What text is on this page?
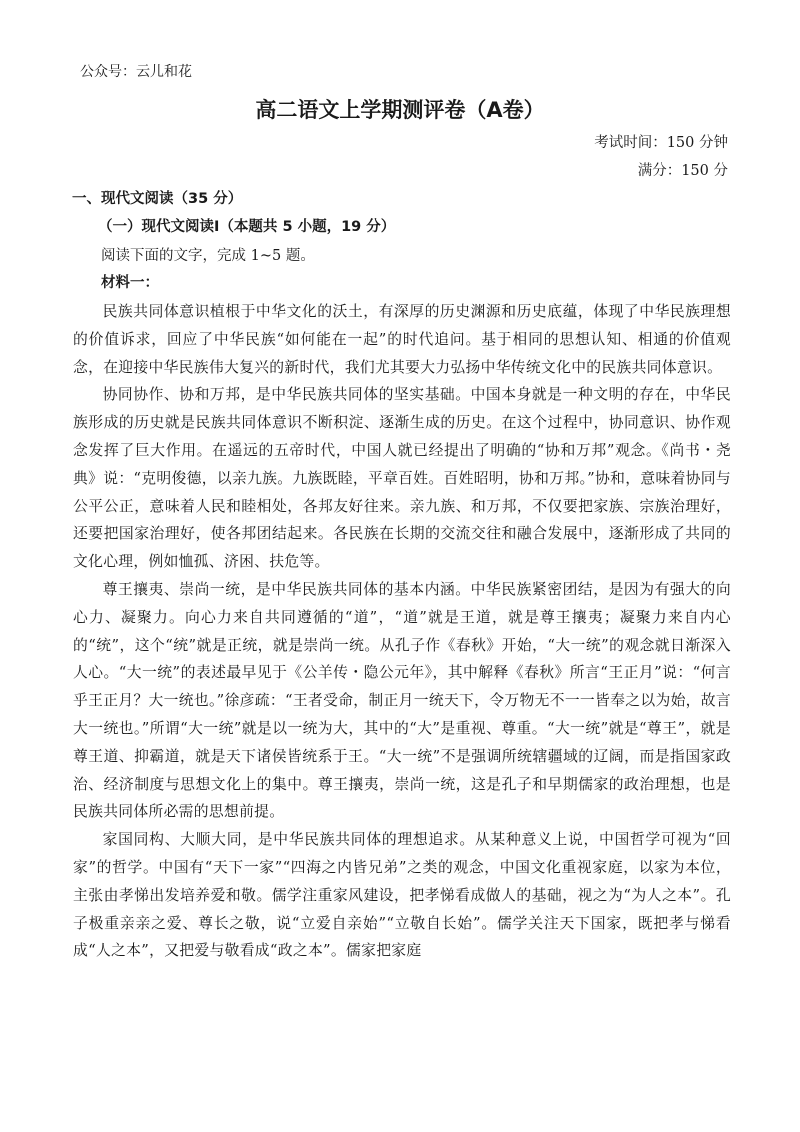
公众号：云儿和花
高二语文上学期测评卷（A卷）
考试时间：150 分钟
满分：150 分
一、现代文阅读（35 分）
（一）现代文阅读Ⅰ（本题共 5 小题，19 分）
阅读下面的文字，完成 1~5 题。
材料一：

民族共同体意识植根于中华文化的沃土，有深厚的历史渊源和历史底蕴，体现了中华民族理想的价值诉求，回应了中华民族“如何能在一起”的时代追问。基于相同的思想认知、相通的价值观念，在迎接中华民族伟大复兴的新时代，我们尤其要大力弘扬中华传统文化中的民族共同体意识。

协同协作、协和万邦，是中华民族共同体的坚实基础。中国本身就是一种文明的存在，中华民族形成的历史就是民族共同体意识不断积淀、逐渐生成的历史。在这个过程中，协同意识、协作观念发挥了巨大作用。在遥远的五帝时代，中国人就已经提出了明确的“协和万邦”观念。《尚书・尧典》说：“克明俊德，以亲九族。九族既睦，平章百姓。百姓昭明，协和万邦。”协和，意味着协同与公平公正，意味着人民和睦相处，各邦友好往来。亲九族、和万邦，不仅要把家族、宗族治理好，还要把国家治理好，使各邦团结起来。各民族在长期的交流交往和融合发展中，逐渐形成了共同的文化心理，例如恤孤、济困、扶危等。

尊王攘夷、崇尚一统，是中华民族共同体的基本内涵。中华民族紧密团结，是因为有强大的向心力、凝聚力。向心力来自共同遵循的“道”，“道”就是王道，就是尊王攘夷；凝聚力来自内心的“统”，这个“统”就是正统，就是崇尚一统。从孔子作《春秋》开始，“大一统”的观念就日渐深入人心。“大一统”的表述最早见于《公羊传・隐公元年》，其中解释《春秋》所言“王正月”说：“何言乎王正月？大一统也。”徐彦疏：“王者受命，制正月一统天下，令万物无不一一皆奉之以为始，故言大一统也。”所谓“大一统”就是以一统为大，其中的“大”是重视、尊重。“大一统”就是“尊王”，就是尊王道、抑霸道，就是天下诸侯皆统系于王。“大一统”不是强调所统辖疆域的辽阔，而是指国家政治、经济制度与思想文化上的集中。尊王攘夷，崇尚一统，这是孔子和早期儒家的政治理想，也是民族共同体所必需的思想前提。

家国同构、大顺大同，是中华民族共同体的理想追求。从某种意义上说，中国哲学可视为“回家”的哲学。中国有“天下一家”“四海之内皆兄弟”之类的观念，中国文化重视家庭，以家为本位，主张由孝悌出发培养爱和敬。儒学注重家风建设，把孝悌看成做人的基础，视之为“为人之本”。孔子极重亲亲之爱、尊长之敬，说“立爱自亲始”“立敬自长始”。儒学关注天下国家，既把孝与悌看成“人之本”，又把爱与敬看成“政之本”。儒家把家庭
